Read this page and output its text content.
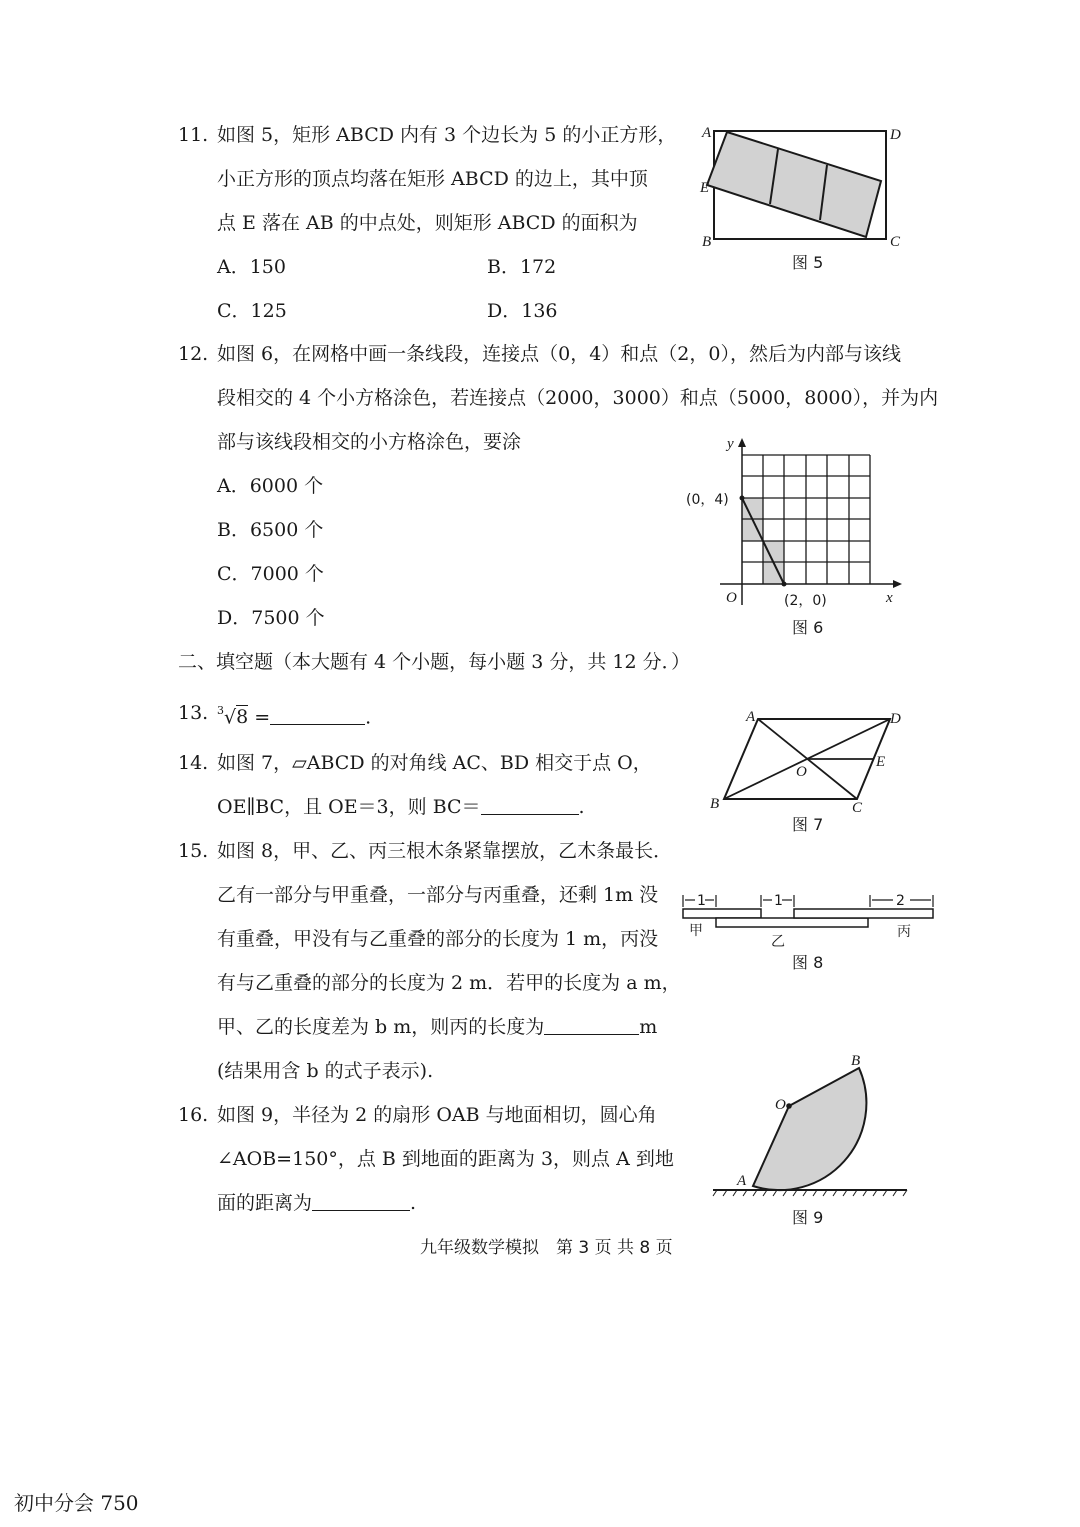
11. 如图 5，矩形 ABCD 内有 3 个边长为 5 的小正方形，
小正方形的顶点均落在矩形 ABCD 的边上，其中顶
点 E 落在 AB 的中点处，则矩形 ABCD 的面积为
A．150	B．172
C．125	D．136
A	D
E
B	C
图 5
12. 如图 6，在网格中画一条线段，连接点（0，4）和点（2，0），然后为内部与该线
段相交的 4 个小方格涂色，若连接点（2000，3000）和点（5000，8000），并为内
部与该线段相交的小方格涂色，要涂
A．6000 个
B．6500 个
C．7000 个
D．7500 个
y
x
O
(0，4)
(2，0)
图 6
二、填空题（本大题有 4 个小题，每小题 3 分，共 12 分．）
13. $^3$√8 =	.
14. 如图 7，▱ABCD 的对角线 AC、BD 相交于点 O，
OE∥BC，且 OE＝3，则 BC＝	.
A	D
E
O
B	C
图 7
15. 如图 8，甲、乙、丙三根木条紧靠摆放，乙木条最长．
乙有一部分与甲重叠，一部分与丙重叠，还剩 1m 没
有重叠，甲没有与乙重叠的部分的长度为 1 m，丙没
有与乙重叠的部分的长度为 2 m．若甲的长度为 a m，
甲、乙的长度差为 b m，则丙的长度为	m
(结果用含 b 的式子表示).
1	1	2
甲
乙
丙
图 8
16. 如图 9，半径为 2 的扇形 OAB 与地面相切，圆心角
∠AOB=150°，点 B 到地面的距离为 3，则点 A 到地
面的距离为	.
O
A
B
图 9
九年级数学模拟　第 3 页 共 8 页
初中分会 750
